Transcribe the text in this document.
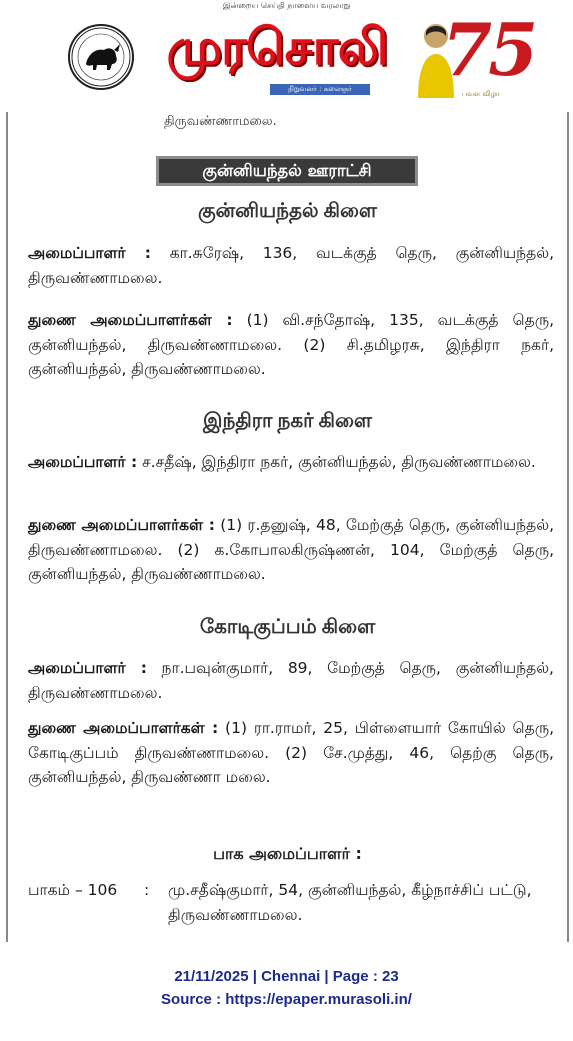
இன்றைய செய்தி நாளைய வரலாறு
முரசொலி
நிறுவனர் : கலைஞர் மு.கருணாநிதி
75
பவள விழா
திருவண்ணாமலை.
குன்னியந்தல் ஊராட்சி
குன்னியந்தல் கிளை
அமைப்பாளர் : கா.சுரேஷ், 136, வடக்குத் தெரு, குன்னியந்தல், திருவண்ணாமலை.
துணை அமைப்பாளர்கள் : (1) வி.சந்தோஷ், 135, வடக்குத் தெரு, குன்னியந்தல், திருவண்ணாமலை. (2) சி.தமிழரசு, இந்திரா நகர், குன்னியந்தல், திருவண்ணாமலை.
இந்திரா நகர் கிளை
அமைப்பாளர் : ச.சதீஷ், இந்திரா நகர், குன்னியந்தல், திருவண்ணாமலை.
துணை அமைப்பாளர்கள் : (1) ர.தனுஷ், 48, மேற்குத் தெரு, குன்னியந்தல், திருவண்ணாமலை. (2) க.கோபாலகிருஷ்ணன், 104, மேற்குத் தெரு, குன்னியந்தல், திருவண்ணாமலை.
கோடிகுப்பம் கிளை
அமைப்பாளர் : நா.பவுன்குமார், 89, மேற்குத் தெரு, குன்னியந்தல், திருவண்ணாமலை.
துணை அமைப்பாளர்கள் : (1) ரா.ராமர், 25, பிள்ளையார் கோயில் தெரு, கோடிகுப்பம் திருவண்ணாமலை. (2) சே.முத்து, 46, தெற்கு தெரு, குன்னியந்தல், திருவண்ணா மலை.
பாக அமைப்பாளர் :
பாகம் – 106	: மு.சதீஷ்குமார், 54, குன்னியந்தல், கீழ்நாச்சிப் பட்டு, திருவண்ணாமலை.
21/11/2025 | Chennai | Page : 23
Source : https://epaper.murasoli.in/
